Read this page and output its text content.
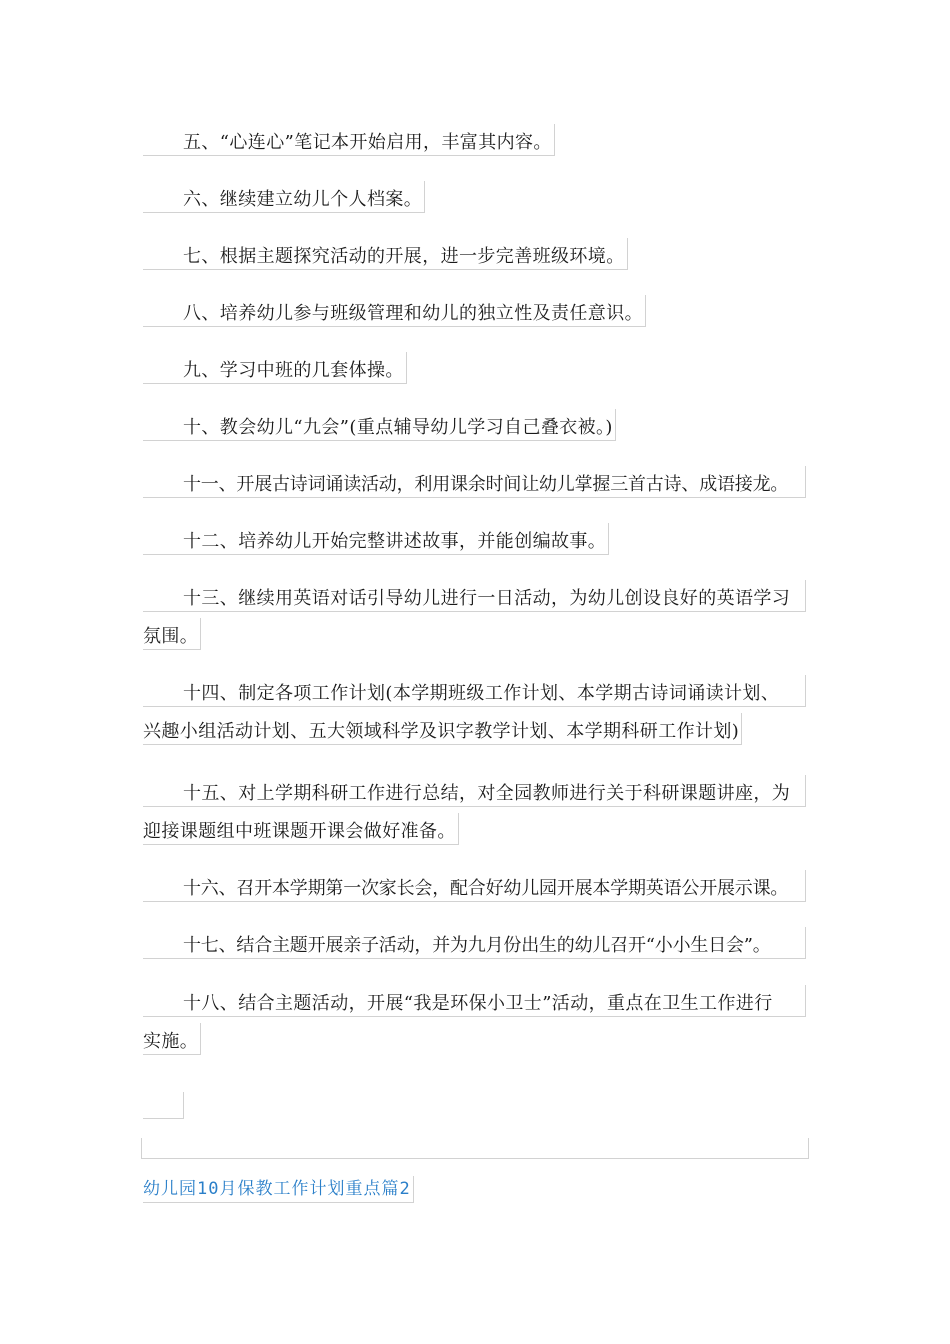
五、“心连心”笔记本开始启用，丰富其内容。
六、继续建立幼儿个人档案。
七、根据主题探究活动的开展，进一步完善班级环境。
八、培养幼儿参与班级管理和幼儿的独立性及责任意识。
九、学习中班的几套体操。
十、教会幼儿“九会”(重点辅导幼儿学习自己叠衣被。)
十一、开展古诗词诵读活动，利用课余时间让幼儿掌握三首古诗、成语接龙。
十二、培养幼儿开始完整讲述故事，并能创编故事。
十三、继续用英语对话引导幼儿进行一日活动，为幼儿创设良好的英语学习
氛围。
十四、制定各项工作计划(本学期班级工作计划、本学期古诗词诵读计划、
兴趣小组活动计划、五大领域科学及识字教学计划、本学期科研工作计划)
十五、对上学期科研工作进行总结，对全园教师进行关于科研课题讲座，为
迎接课题组中班课题开课会做好准备。
十六、召开本学期第一次家长会，配合好幼儿园开展本学期英语公开展示课。
十七、结合主题开展亲子活动，并为九月份出生的幼儿召开“小小生日会”。
十八、结合主题活动，开展“我是环保小卫士”活动，重点在卫生工作进行
实施。
幼儿园10月保教工作计划重点篇2
